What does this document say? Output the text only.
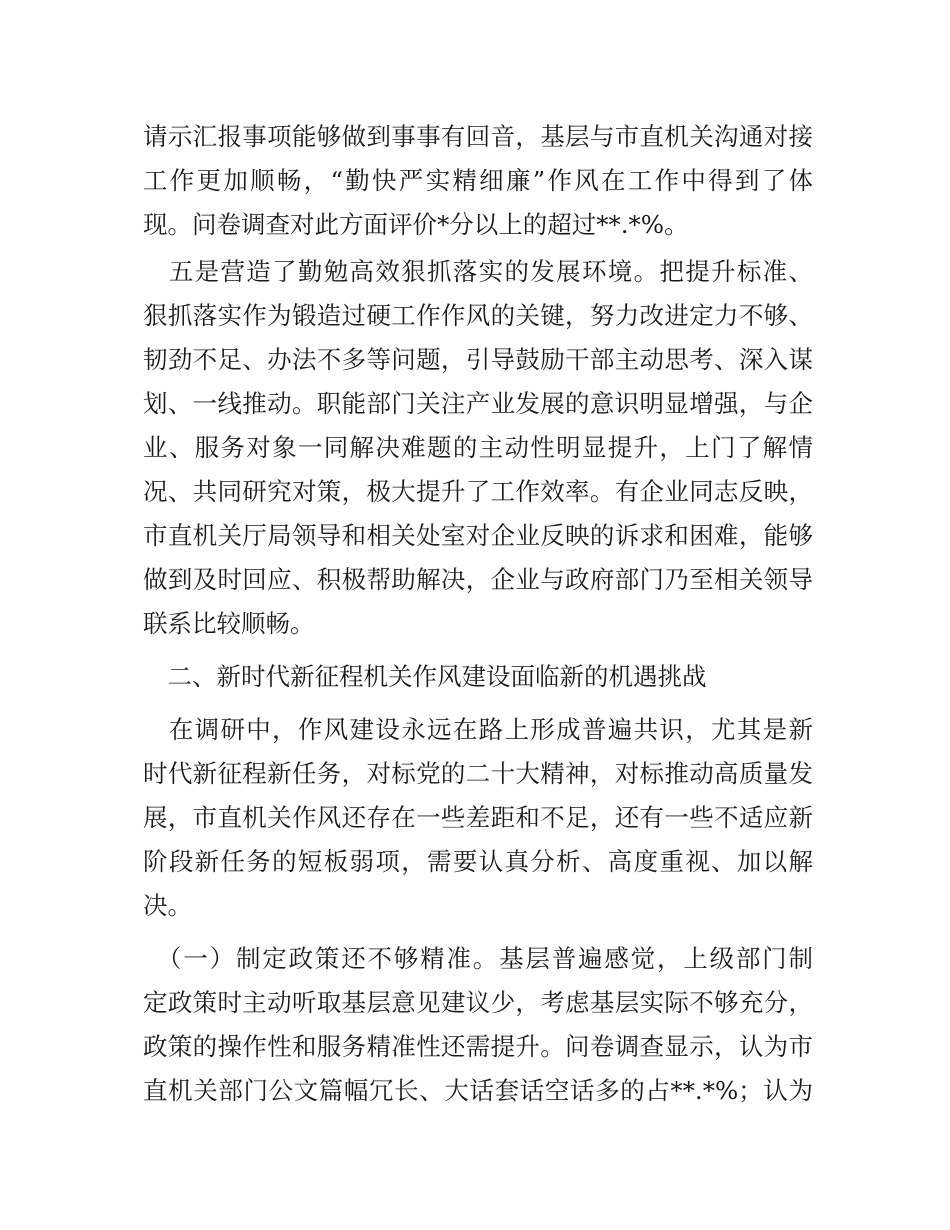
请示汇报事项能够做到事事有回音，基层与市直机关沟通对接
工作更加顺畅，“勤快严实精细廉”作风在工作中得到了体
现。问卷调查对此方面评价*分以上的超过**.*%。
　五是营造了勤勉高效狠抓落实的发展环境。把提升标准、
狠抓落实作为锻造过硬工作作风的关键，努力改进定力不够、
韧劲不足、办法不多等问题，引导鼓励干部主动思考、深入谋
划、一线推动。职能部门关注产业发展的意识明显增强，与企
业、服务对象一同解决难题的主动性明显提升，上门了解情
况、共同研究对策，极大提升了工作效率。有企业同志反映，
市直机关厅局领导和相关处室对企业反映的诉求和困难，能够
做到及时回应、积极帮助解决，企业与政府部门乃至相关领导
联系比较顺畅。
　二、新时代新征程机关作风建设面临新的机遇挑战
　在调研中，作风建设永远在路上形成普遍共识，尤其是新
时代新征程新任务，对标党的二十大精神，对标推动高质量发
展，市直机关作风还存在一些差距和不足，还有一些不适应新
阶段新任务的短板弱项，需要认真分析、高度重视、加以解
决。
　（一）制定政策还不够精准。基层普遍感觉，上级部门制
定政策时主动听取基层意见建议少，考虑基层实际不够充分，
政策的操作性和服务精准性还需提升。问卷调查显示，认为市
直机关部门公文篇幅冗长、大话套话空话多的占**.*%；认为
